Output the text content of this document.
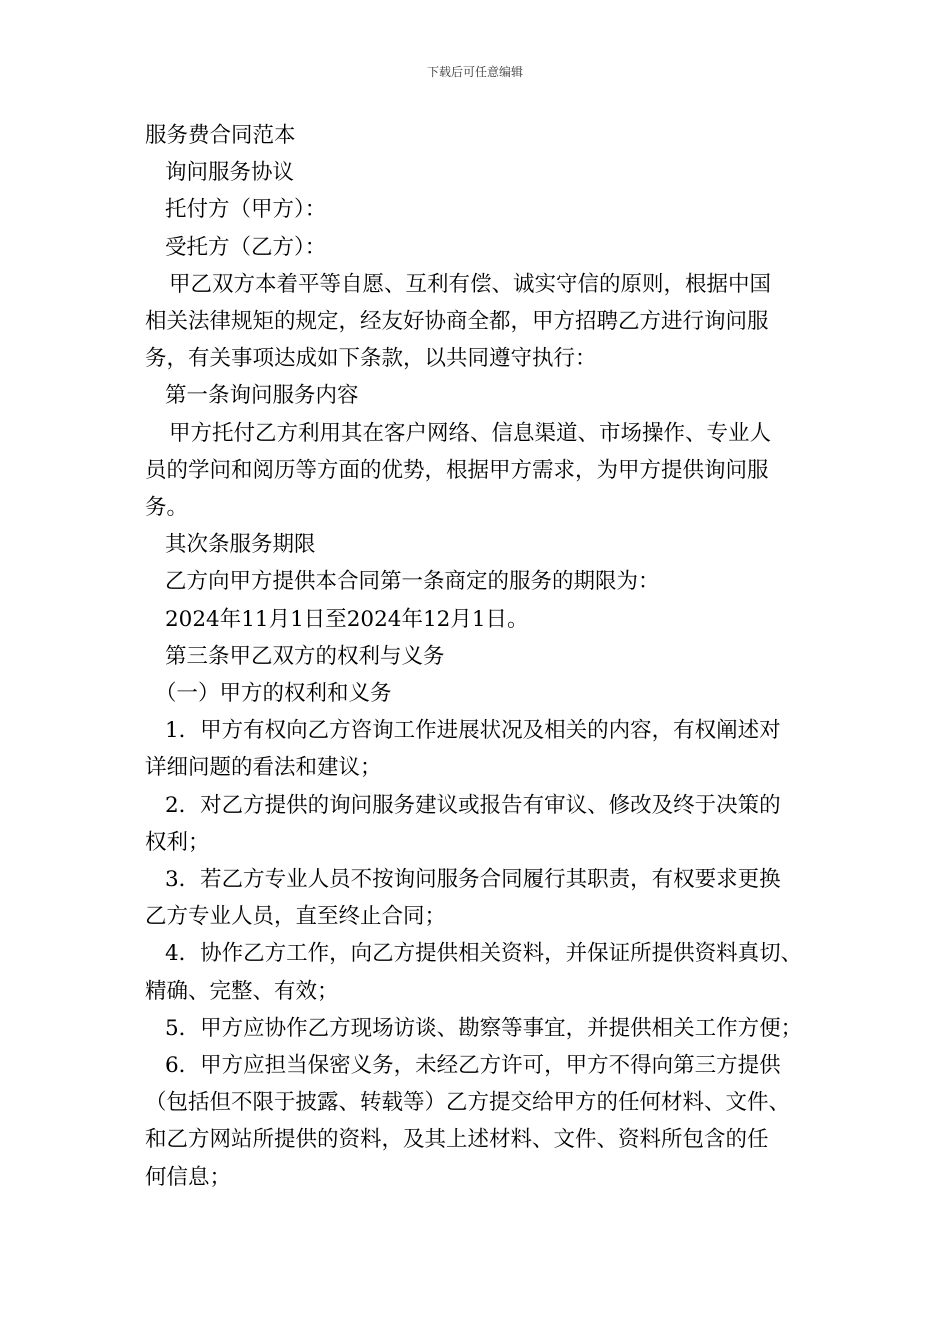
下载后可任意编辑
服务费合同范本
询问服务协议
托付方（甲方）：
受托方（乙方）：
甲乙双方本着平等自愿、互利有偿、诚实守信的原则，根据中国
相关法律规矩的规定，经友好协商全都，甲方招聘乙方进行询问服
务，有关事项达成如下条款，以共同遵守执行：
第一条询问服务内容
甲方托付乙方利用其在客户网络、信息渠道、市场操作、专业人
员的学问和阅历等方面的优势，根据甲方需求，为甲方提供询问服
务。
其次条服务期限
乙方向甲方提供本合同第一条商定的服务的期限为：
2024年11月1日至2024年12月1日。
第三条甲乙双方的权利与义务
（一）甲方的权利和义务
1．甲方有权向乙方咨询工作进展状况及相关的内容，有权阐述对
详细问题的看法和建议；
2．对乙方提供的询问服务建议或报告有审议、修改及终于决策的
权利；
3．若乙方专业人员不按询问服务合同履行其职责，有权要求更换
乙方专业人员，直至终止合同；
4．协作乙方工作，向乙方提供相关资料，并保证所提供资料真切、
精确、完整、有效；
5．甲方应协作乙方现场访谈、勘察等事宜，并提供相关工作方便；
6．甲方应担当保密义务，未经乙方许可，甲方不得向第三方提供
（包括但不限于披露、转载等）乙方提交给甲方的任何材料、文件、
和乙方网站所提供的资料，及其上述材料、文件、资料所包含的任
何信息；
